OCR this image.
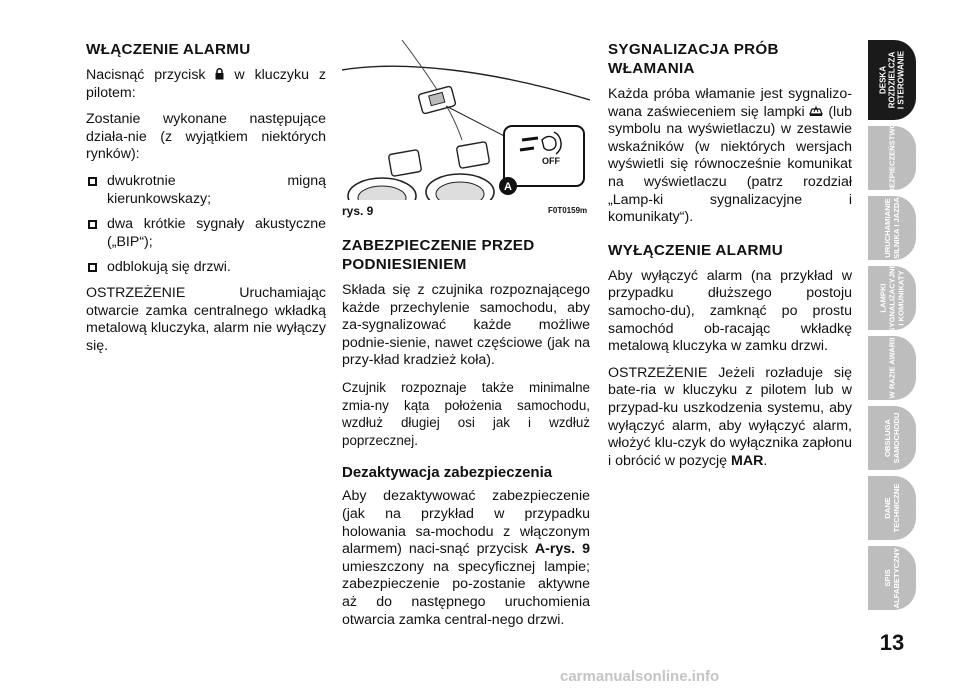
WŁĄCZENIE ALARMU

Nacisnąć przycisk w kluczyku z pilotem:

Zostanie wykonane następujące działa-nie (z wyjątkiem niektórych rynków):

dwukrotnie migną kierunkowskazy;
dwa krótkie sygnały akustyczne („BIP“);
odblokują się drzwi.

OSTRZEŻENIE Uruchamiając otwarcie zamka centralnego wkładką metalową kluczyka, alarm nie wyłączy się.

OFF
A
rys. 9	F0T0159m
ZABEZPIECZENIE PRZED PODNIESIENIEM

Składa się z czujnika rozpoznającego każde przechylenie samochodu, aby za-sygnalizować każde możliwe podnie-sienie, nawet częściowe (jak na przy-kład kradzież koła).

Czujnik rozpoznaje także minimalne zmia-ny kąta położenia samochodu, wzdłuż długiej osi jak i wzdłuż poprzecznej.

Dezaktywacja zabezpieczenia

Aby dezaktywować zabezpieczenie (jak na przykład w przypadku holowania sa-mochodu z włączonym alarmem) naci-snąć przycisk A-rys. 9 umieszczony na specyficznej lampie; zabezpieczenie po-zostanie aktywne aż do następnego uruchomienia otwarcia zamka central-nego drzwi.

SYGNALIZACJA PRÓB WŁAMANIA

Każda próba włamanie jest sygnalizo-wana zaświeceniem się lampki (lub symbolu na wyświetlaczu) w zestawie wskaźników (w niektórych wersjach wyświetli się równocześnie komunikat na wyświetlaczu (patrz rozdział „Lamp-ki sygnalizacyjne i komunikaty“).

WYŁĄCZENIE ALARMU

Aby wyłączyć alarm (na przykład w przypadku dłuższego postoju samocho-du), zamknąć po prostu samochód ob-racając wkładkę metalową kluczyka w zamku drzwi.

OSTRZEŻENIE Jeżeli rozładuje się bate-ria w kluczyku z pilotem lub w przypad-ku uszkodzenia systemu, aby wyłączyć alarm, aby wyłączyć alarm, włożyć klu-czyk do wyłącznika zapłonu i obrócić w pozycję MAR.

DESKA
ROZDZIELCZA
I STEROWANIE
BEZPIECZEŃSTWO
URUCHAMIANIE
SILNIKA I JAZDA
LAMPKI
SYGNALIZACYJNE
I KOMUNIKATY
W RAZIE AWARII
OBSŁUGA
SAMOCHODU
DANE
TECHNICZNE
SPIS
ALFABETYCZNY
13
carmanualsonline.info
